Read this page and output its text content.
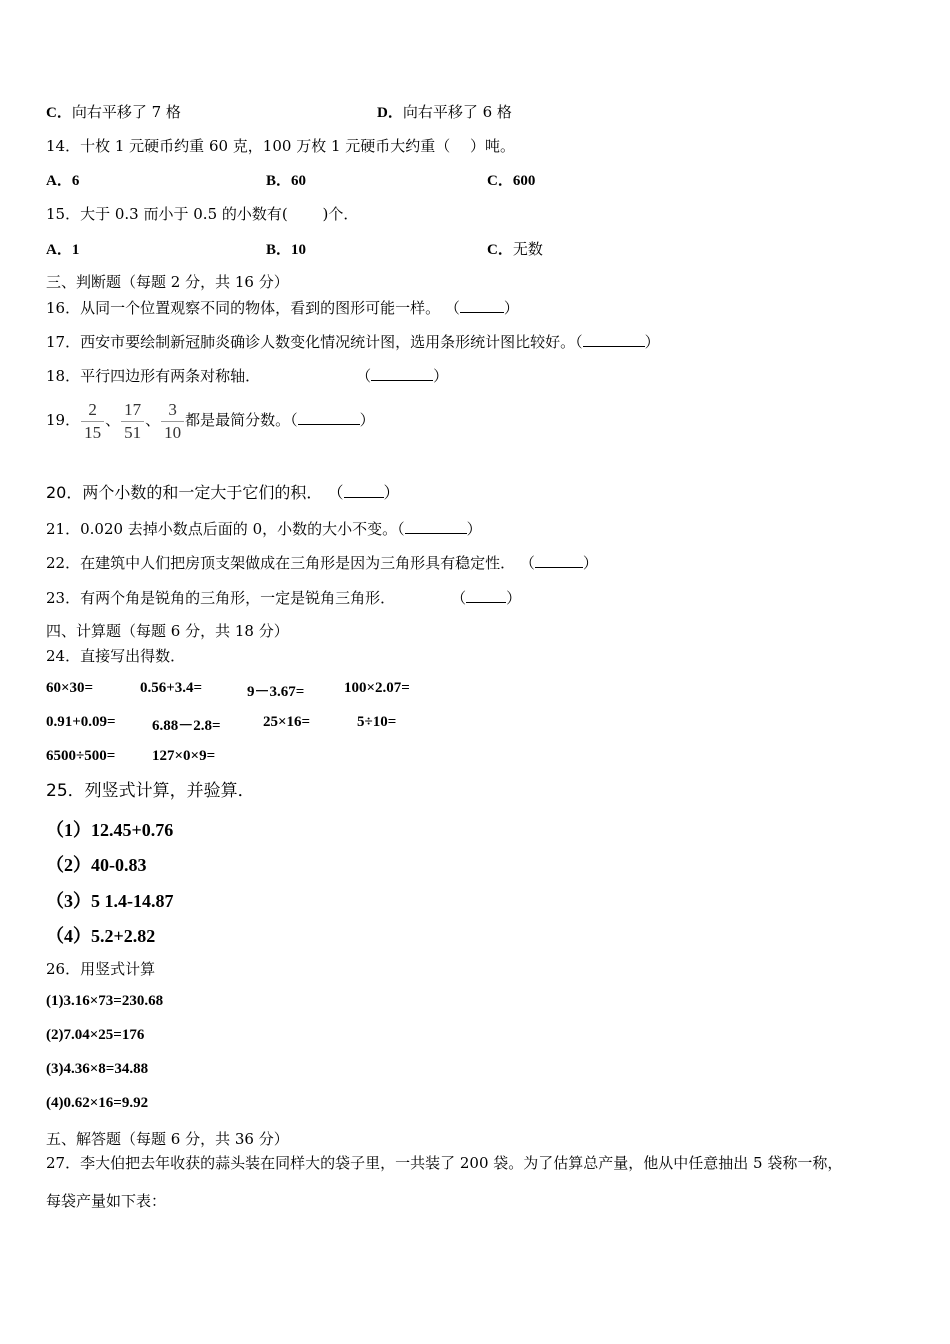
C．向右平移了 7 格	D．向右平移了 6 格
14．十枚 1 元硬币约重 60 克，100 万枚 1 元硬币大约重（　 ）吨。
A．6	B．60	C．600
15．大于 0.3 而小于 0.5 的小数有(　　 )个．
A．1	B．10	C．无数
三、判断题（每题 2 分，共 16 分）
16．从同一个位置观察不同的物体，看到的图形可能一样。 （	）
17．西安市要绘制新冠肺炎确诊人数变化情况统计图，选用条形统计图比较好。（	）
18．平行四边形有两条对称轴．	（	）
19． $\frac{2}{15}$ 、 $\frac{17}{51}$ 、 $\frac{3}{10}$ 都是最简分数。（	）
20．两个小数的和一定大于它们的积． （	）
21．0.020 去掉小数点后面的 0，小数的大小不变。（	）
22．在建筑中人们把房顶支架做成在三角形是因为三角形具有稳定性． （	）
23．有两个角是锐角的三角形，一定是锐角三角形．	（	）
四、计算题（每题 6 分，共 18 分）
24．直接写出得数．
60×30=	0.56+3.4=	9－3.67=	100×2.07=
0.91+0.09= 6.88－2.8=	25×16=	5÷10=
6500÷500= 127×0×9=
25．列竖式计算，并验算．
（1）12.45+0.76
（2）40-0.83
（3）5 1.4-14.87
（4）5.2+2.82
26．用竖式计算
(1)3.16×73=230.68
(2)7.04×25=176
(3)4.36×8=34.88
(4)0.62×16=9.92
五、解答题（每题 6 分，共 36 分）
27．李大伯把去年收获的蒜头装在同样大的袋子里，一共装了 200 袋。为了估算总产量，他从中任意抽出 5 袋称一称，
每袋产量如下表：
